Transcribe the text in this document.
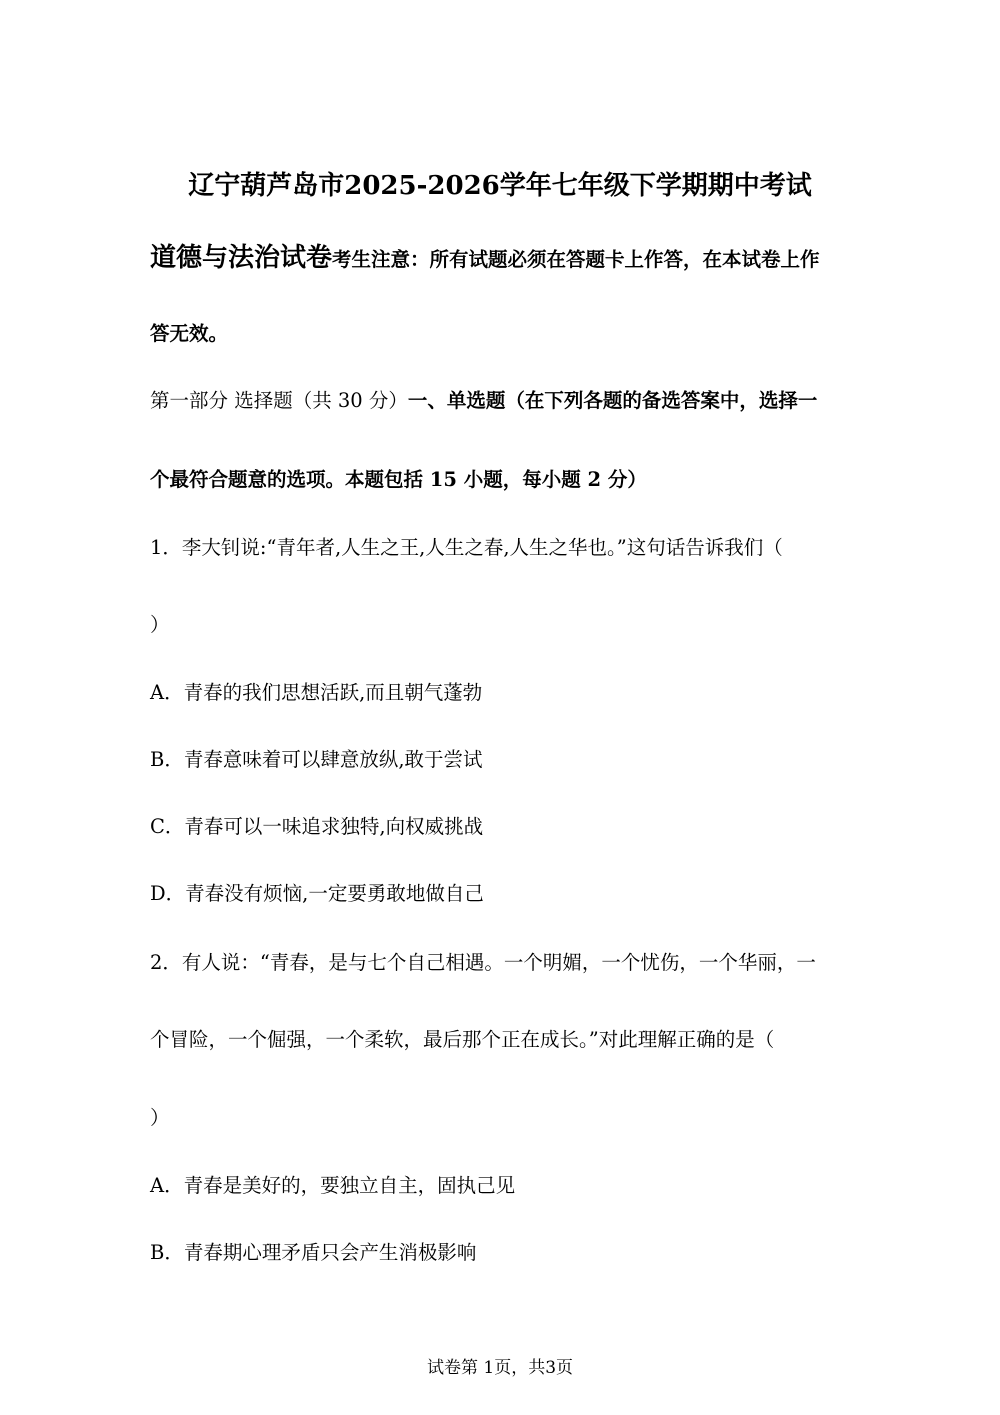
辽宁葫芦岛市2025-2026学年七年级下学期期中考试
道德与法治试卷考生注意：所有试题必须在答题卡上作答，在本试卷上作
答无效。
第一部分 选择题（共 30 分）一、单选题（在下列各题的备选答案中，选择一
个最符合题意的选项。本题包括 15 小题，每小题 2 分）
1．李大钊说:“青年者,人生之王,人生之春,人生之华也。”这句话告诉我们（
）
A．青春的我们思想活跃,而且朝气蓬勃
B．青春意味着可以肆意放纵,敢于尝试
C．青春可以一味追求独特,向权威挑战
D．青春没有烦恼,一定要勇敢地做自己
2．有人说：“青春，是与七个自己相遇。一个明媚，一个忧伤，一个华丽，一
个冒险，一个倔强，一个柔软，最后那个正在成长。”对此理解正确的是（
）
A．青春是美好的，要独立自主，固执己见
B．青春期心理矛盾只会产生消极影响
试卷第 1页，共3页
